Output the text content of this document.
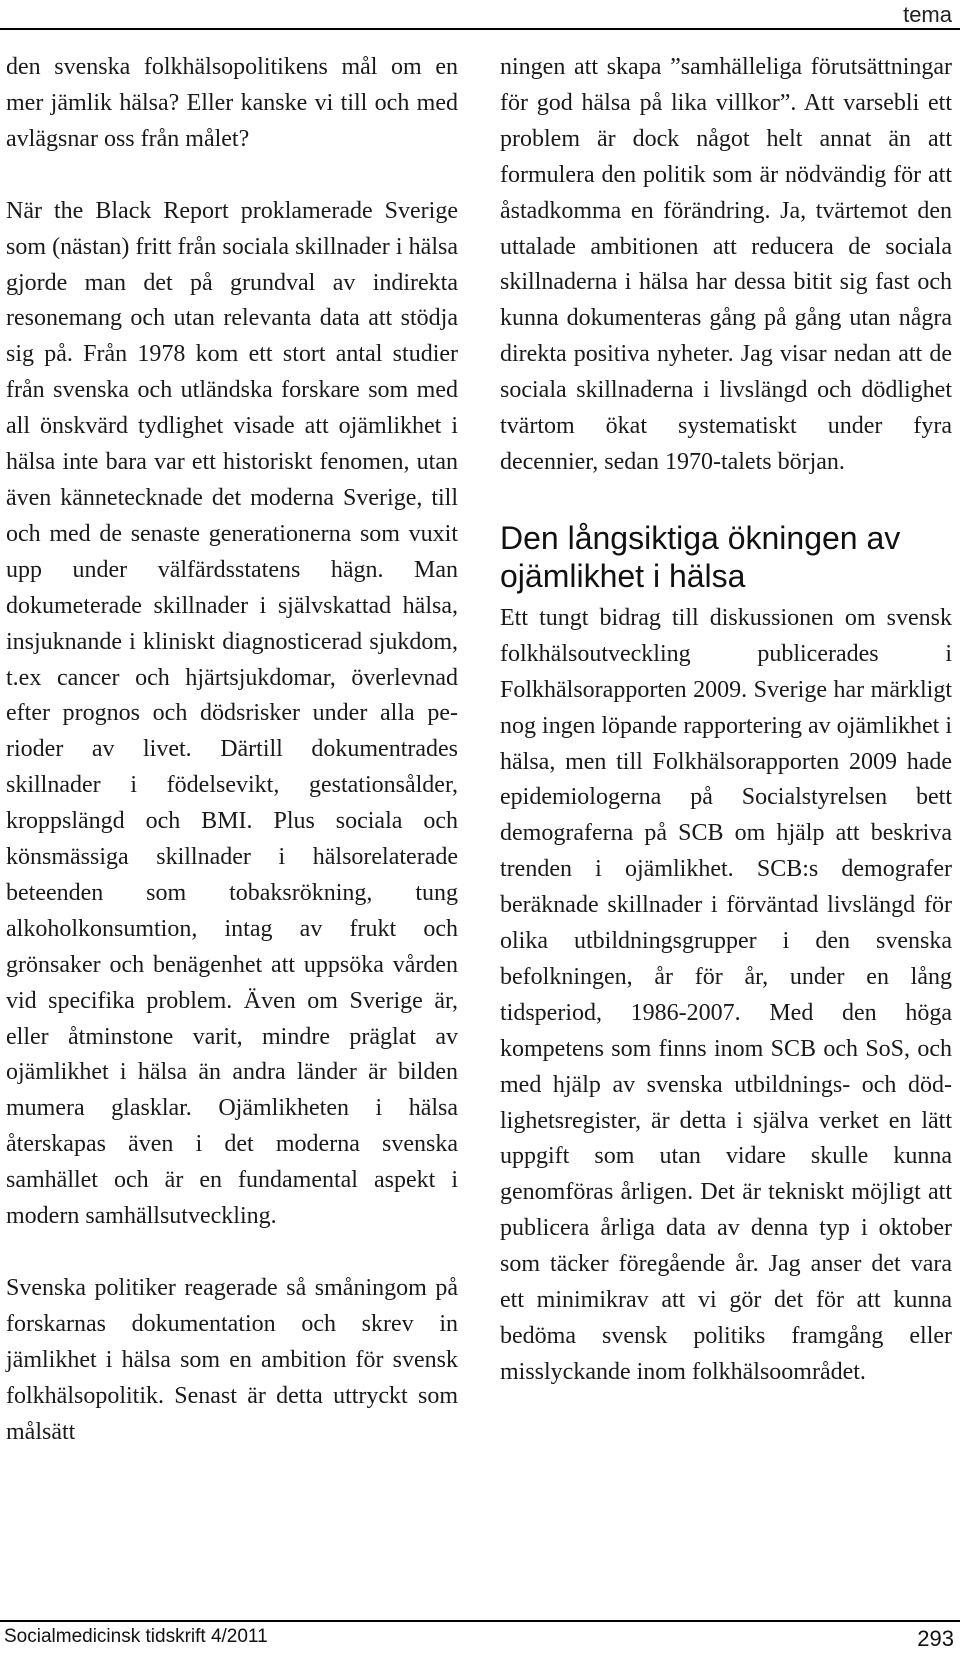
tema

den svenska folkhälsopolitikens mål om en mer jämlik hälsa? Eller kanske vi till och med avlägsnar oss från målet?

När the Black Report proklamerade Sverige som (nästan) fritt från sociala skillnader i hälsa gjorde man det på grundval av indirekta resonemang och utan relevanta data att stödja sig på. Från 1978 kom ett stort antal studier från svenska och utländska forskare som med all önskvärd tydlighet visade att ojämlikhet i hälsa inte bara var ett historiskt fenomen, utan även kännetecknade det moderna Sverige, till och med de senaste generationerna som vuxit upp under välfärdsstatens hägn. Man dokumeterade skillnader i självskattad hälsa, insjuknande i kliniskt diagnosticerad sjukdom, t.ex cancer och hjärtsjukdomar, överlevnad efter prognos och dödsrisker under alla perioder av livet. Därtill dokumentrades skillnader i födelsevikt, gestationsålder, kroppslängd och BMI. Plus sociala och könsmässiga skillnader i hälsorelaterade beteenden som tobaksrökning, tung alkoholkonsumtion, intag av frukt och grönsaker och benägenhet att uppsöka vården vid specifika problem. Även om Sverige är, eller åtminstone varit, mindre präglat av ojämlikhet i hälsa än andra länder är bilden mumera glasklar. Ojämlikheten i hälsa återskapas även i det moderna svenska samhället och är en fundamental aspekt i modern samhällsutveckling.

Svenska politiker reagerade så småningom på forskarnas dokumentation och skrev in jämlikhet i hälsa som en ambition för svensk folkhälsopolitik. Senast är detta uttryckt som målsätt

ningen att skapa ”samhälleliga förutsättningar för god hälsa på lika villkor”. Att varsebli ett problem är dock något helt annat än att formulera den politik som är nödvändig för att åstadkomma en förändring. Ja, tvärtemot den uttalade ambitionen att reducera de sociala skillnaderna i hälsa har dessa bitit sig fast och kunna dokumenteras gång på gång utan några direkta positiva nyheter. Jag visar nedan att de sociala skillnaderna i livslängd och dödlighet tvärtom ökat systematiskt under fyra decennier, sedan 1970-talets början.

Den långsiktiga ökningen av ojämlikhet i hälsa

Ett tungt bidrag till diskussionen om svensk folkhälsoutveckling publicerades i Folkhälsorapporten 2009. Sverige har märkligt nog ingen löpande rapportering av ojämlikhet i hälsa, men till Folkhälsorapporten 2009 hade epidemiologerna på Socialstyrelsen bett demograferna på SCB om hjälp att beskriva trenden i ojämlikhet. SCB:s demografer beräknade skillnader i förväntad livslängd för olika utbildningsgrupper i den svenska befolkningen, år för år, under en lång tidsperiod, 1986-2007. Med den höga kompetens som finns inom SCB och SoS, och med hjälp av svenska utbildnings- och dödlighetsregister, är detta i själva verket en lätt uppgift som utan vidare skulle kunna genomföras årligen. Det är tekniskt möjligt att publicera årliga data av denna typ i oktober som täcker föregående år. Jag anser det vara ett minimikrav att vi gör det för att kunna bedöma svensk politiks framgång eller misslyckande inom folkhälsoområdet.

Socialmedicinsk tidskrift 4/2011	293
